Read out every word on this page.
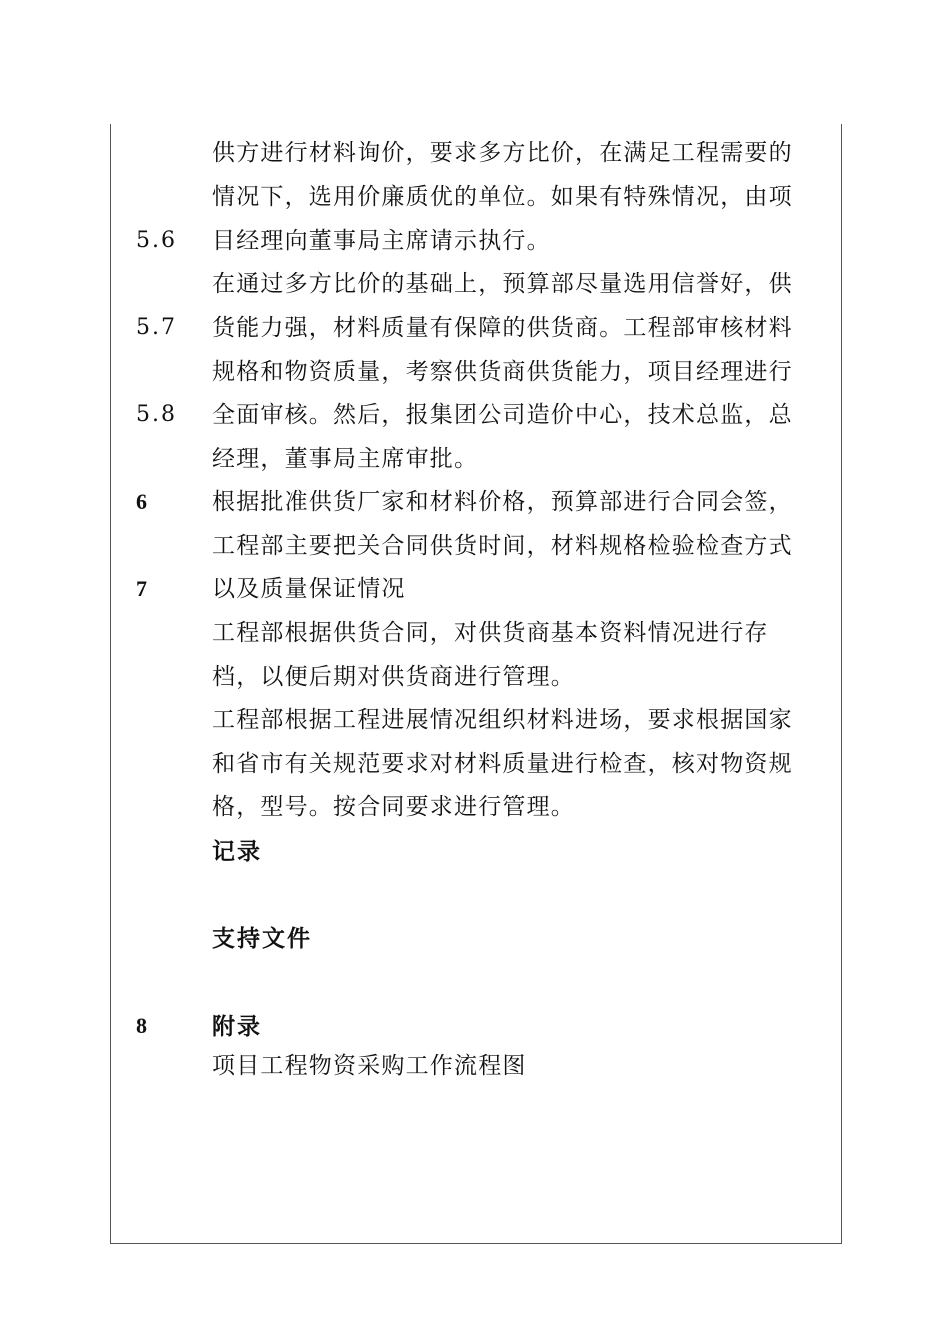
5.6
5.7
5.8
6
7
8
供方进行材料询价，要求多方比价，在满足工程需要的
情况下，选用价廉质优的单位。如果有特殊情况，由项
目经理向董事局主席请示执行。
在通过多方比价的基础上，预算部尽量选用信誉好，供
货能力强，材料质量有保障的供货商。工程部审核材料
规格和物资质量，考察供货商供货能力，项目经理进行
全面审核。然后，报集团公司造价中心，技术总监，总
经理，董事局主席审批。
根据批准供货厂家和材料价格，预算部进行合同会签，
工程部主要把关合同供货时间，材料规格检验检查方式
以及质量保证情况
工程部根据供货合同，对供货商基本资料情况进行存
档，以便后期对供货商进行管理。
工程部根据工程进展情况组织材料进场，要求根据国家
和省市有关规范要求对材料质量进行检查，核对物资规
格，型号。按合同要求进行管理。
记录
支持文件
附录
项目工程物资采购工作流程图
